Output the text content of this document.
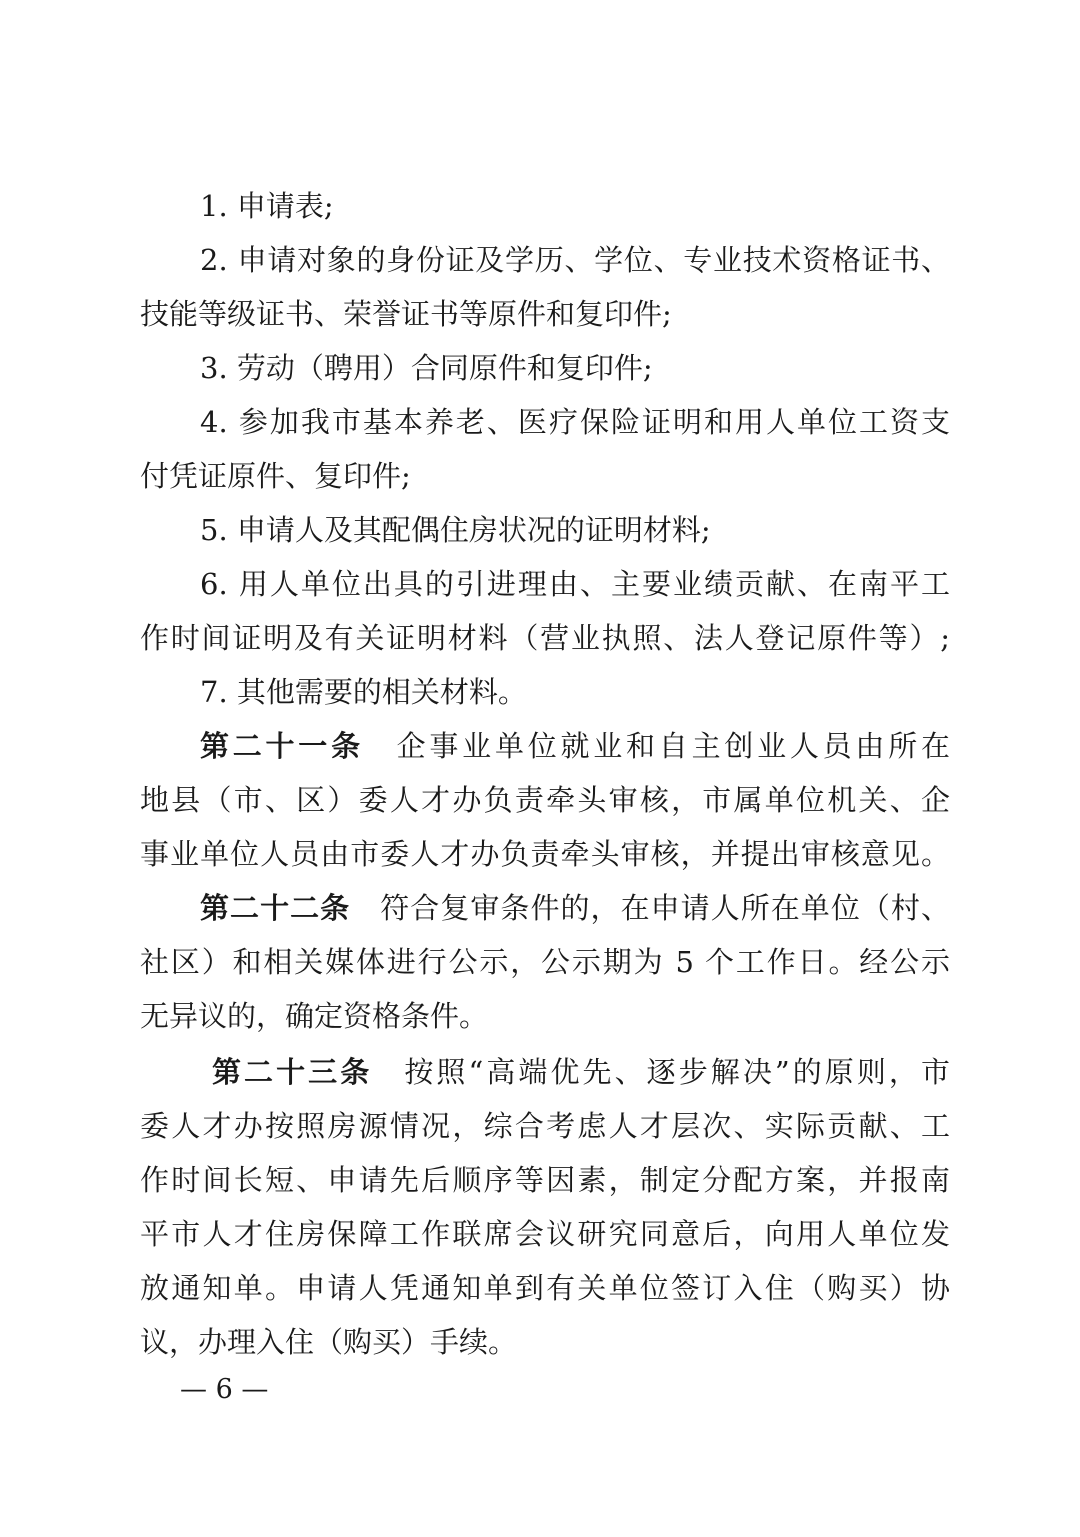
1. 申请表;
2. 申请对象的身份证及学历、学位、专业技术资格证书、
技能等级证书、荣誉证书等原件和复印件;
3. 劳动（聘用）合同原件和复印件;
4. 参加我市基本养老、医疗保险证明和用人单位工资支
付凭证原件、复印件;
5. 申请人及其配偶住房状况的证明材料;
6. 用人单位出具的引进理由、主要业绩贡献、在南平工
作时间证明及有关证明材料（营业执照、法人登记原件等）;
7. 其他需要的相关材料。
第二十一条　 企事业单位就业和自主创业人员由所在
地县（市、区）委人才办负责牵头审核，市属单位机关、企
事业单位人员由市委人才办负责牵头审核，并提出审核意见。
第二十二条　 符合复审条件的，在申请人所在单位（村、
社区）和相关媒体进行公示，公示期为 5 个工作日。经公示
无异议的，确定资格条件。
第二十三条　 按照“高端优先、逐步解决”的原则，市
委人才办按照房源情况，综合考虑人才层次、实际贡献、工
作时间长短、申请先后顺序等因素，制定分配方案，并报南
平市人才住房保障工作联席会议研究同意后，向用人单位发
放通知单。申请人凭通知单到有关单位签订入住（购买）协
议，办理入住（购买）手续。
— 6 —
